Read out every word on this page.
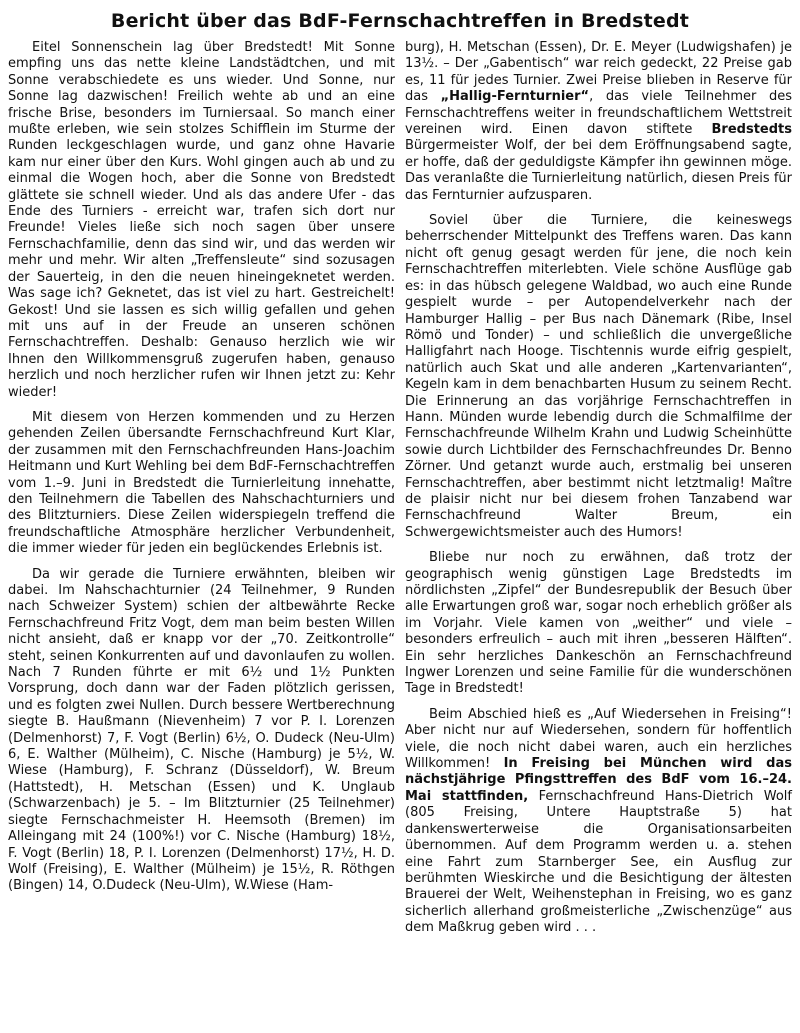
Bericht über das BdF-Fernschachtreffen in Bredstedt

Eitel Sonnenschein lag über Bredstedt! Mit Sonne empfing uns das nette kleine Landstädtchen, und mit Sonne verabschiedete es uns wieder. Und Sonne, nur Sonne lag dazwischen! Freilich wehte ab und an eine frische Brise, besonders im Turniersaal. So manch einer mußte erleben, wie sein stolzes Schifflein im Sturme der Runden leckgeschlagen wurde, und ganz ohne Havarie kam nur einer über den Kurs. Wohl gingen auch ab und zu einmal die Wogen hoch, aber die Sonne von Bredstedt glättete sie schnell wieder. Und als das andere Ufer - das Ende des Turniers - erreicht war, trafen sich dort nur Freunde! Vieles ließe sich noch sagen über unsere Fernschachfamilie, denn das sind wir, und das werden wir mehr und mehr. Wir alten „Treffensleute“ sind sozusagen der Sauerteig, in den die neuen hineingeknetet werden. Was sage ich? Geknetet, das ist viel zu hart. Gestreichelt! Gekost! Und sie lassen es sich willig gefallen und gehen mit uns auf in der Freude an unseren schönen Fernschachtreffen. Deshalb: Genauso herzlich wie wir Ihnen den Willkommensgruß zugerufen haben, genauso herzlich und noch herzlicher rufen wir Ihnen jetzt zu: Kehr wieder!

Mit diesem von Herzen kommenden und zu Herzen gehenden Zeilen übersandte Fernschachfreund Kurt Klar, der zusammen mit den Fernschachfreunden Hans-Joachim Heitmann und Kurt Wehling bei dem BdF-Fernschachtreffen vom 1.–9. Juni in Bredstedt die Turnierleitung innehatte, den Teilnehmern die Tabellen des Nahschachturniers und des Blitzturniers. Diese Zeilen widerspiegeln treffend die freundschaftliche Atmosphäre herzlicher Verbundenheit, die immer wieder für jeden ein beglückendes Erlebnis ist.

Da wir gerade die Turniere erwähnten, bleiben wir dabei. Im Nahschachturnier (24 Teilnehmer, 9 Runden nach Schweizer System) schien der altbewährte Recke Fernschachfreund Fritz Vogt, dem man beim besten Willen nicht ansieht, daß er knapp vor der „70. Zeitkontrolle“ steht, seinen Konkurrenten auf und davonlaufen zu wollen. Nach 7 Runden führte er mit 6½ und 1½ Punkten Vorsprung, doch dann war der Faden plötzlich gerissen, und es folgten zwei Nullen. Durch bessere Wertberechnung siegte B. Haußmann (Nievenheim) 7 vor P. I. Lorenzen (Delmenhorst) 7, F. Vogt (Berlin) 6½, O. Dudeck (Neu-Ulm) 6, E. Walther (Mülheim), C. Nische (Hamburg) je 5½, W. Wiese (Hamburg), F. Schranz (Düsseldorf), W. Breum (Hattstedt), H. Metschan (Essen) und K. Unglaub (Schwarzenbach) je 5. – Im Blitzturnier (25 Teilnehmer) siegte Fernschachmeister H. Heemsoth (Bremen) im Alleingang mit 24 (100%!) vor C. Nische (Hamburg) 18½, F. Vogt (Berlin) 18, P. I. Lorenzen (Delmenhorst) 17½, H. D. Wolf (Freising), E. Walther (Mülheim) je 15½, R. Röthgen (Bingen) 14, O.Dudeck (Neu-Ulm), W.Wiese (Ham-

burg), H. Metschan (Essen), Dr. E. Meyer (Ludwigshafen) je 13½. – Der „Gabentisch“ war reich gedeckt, 22 Preise gab es, 11 für jedes Turnier. Zwei Preise blieben in Reserve für das „Hallig-Fernturnier“, das viele Teilnehmer des Fernschachtreffens weiter in freundschaftlichem Wettstreit vereinen wird. Einen davon stiftete Bredstedts Bürgermeister Wolf, der bei dem Eröffnungsabend sagte, er hoffe, daß der geduldigste Kämpfer ihn gewinnen möge. Das veranlaßte die Turnierleitung natürlich, diesen Preis für das Fernturnier aufzusparen.

Soviel über die Turniere, die keineswegs beherrschender Mittelpunkt des Treffens waren. Das kann nicht oft genug gesagt werden für jene, die noch kein Fernschachtreffen miterlebten. Viele schöne Ausflüge gab es: in das hübsch gelegene Waldbad, wo auch eine Runde gespielt wurde – per Autopendelverkehr nach der Hamburger Hallig – per Bus nach Dänemark (Ribe, Insel Römö und Tonder) – und schließlich die unvergeßliche Halligfahrt nach Hooge. Tischtennis wurde eifrig gespielt, natürlich auch Skat und alle anderen „Kartenvarianten“, Kegeln kam in dem benachbarten Husum zu seinem Recht. Die Erinnerung an das vorjährige Fernschachtreffen in Hann. Münden wurde lebendig durch die Schmalfilme der Fernschachfreunde Wilhelm Krahn und Ludwig Scheinhütte sowie durch Lichtbilder des Fernschachfreundes Dr. Benno Zörner. Und getanzt wurde auch, erstmalig bei unseren Fernschachtreffen, aber bestimmt nicht letztmalig! Maître de plaisir nicht nur bei diesem frohen Tanzabend war Fernschachfreund Walter Breum, ein Schwergewichtsmeister auch des Humors!

Bliebe nur noch zu erwähnen, daß trotz der geographisch wenig günstigen Lage Bredstedts im nördlichsten „Zipfel“ der Bundesrepublik der Besuch über alle Erwartungen groß war, sogar noch erheblich größer als im Vorjahr. Viele kamen von „weither“ und viele – besonders erfreulich – auch mit ihren „besseren Hälften“. Ein sehr herzliches Dankeschön an Fernschachfreund Ingwer Lorenzen und seine Familie für die wunderschönen Tage in Bredstedt!

Beim Abschied hieß es „Auf Wiedersehen in Freising“! Aber nicht nur auf Wiedersehen, sondern für hoffentlich viele, die noch nicht dabei waren, auch ein herzliches Willkommen! In Freising bei München wird das nächstjährige Pfingsttreffen des BdF vom 16.–24. Mai stattfinden, Fernschachfreund Hans-Dietrich Wolf (805 Freising, Untere Hauptstraße 5) hat dankenswerterweise die Organisationsarbeiten übernommen. Auf dem Programm werden u. a. stehen eine Fahrt zum Starnberger See, ein Ausflug zur berühmten Wieskirche und die Besichtigung der ältesten Brauerei der Welt, Weihenstephan in Freising, wo es ganz sicherlich allerhand großmeisterliche „Zwischenzüge“ aus dem Maßkrug geben wird . . .
